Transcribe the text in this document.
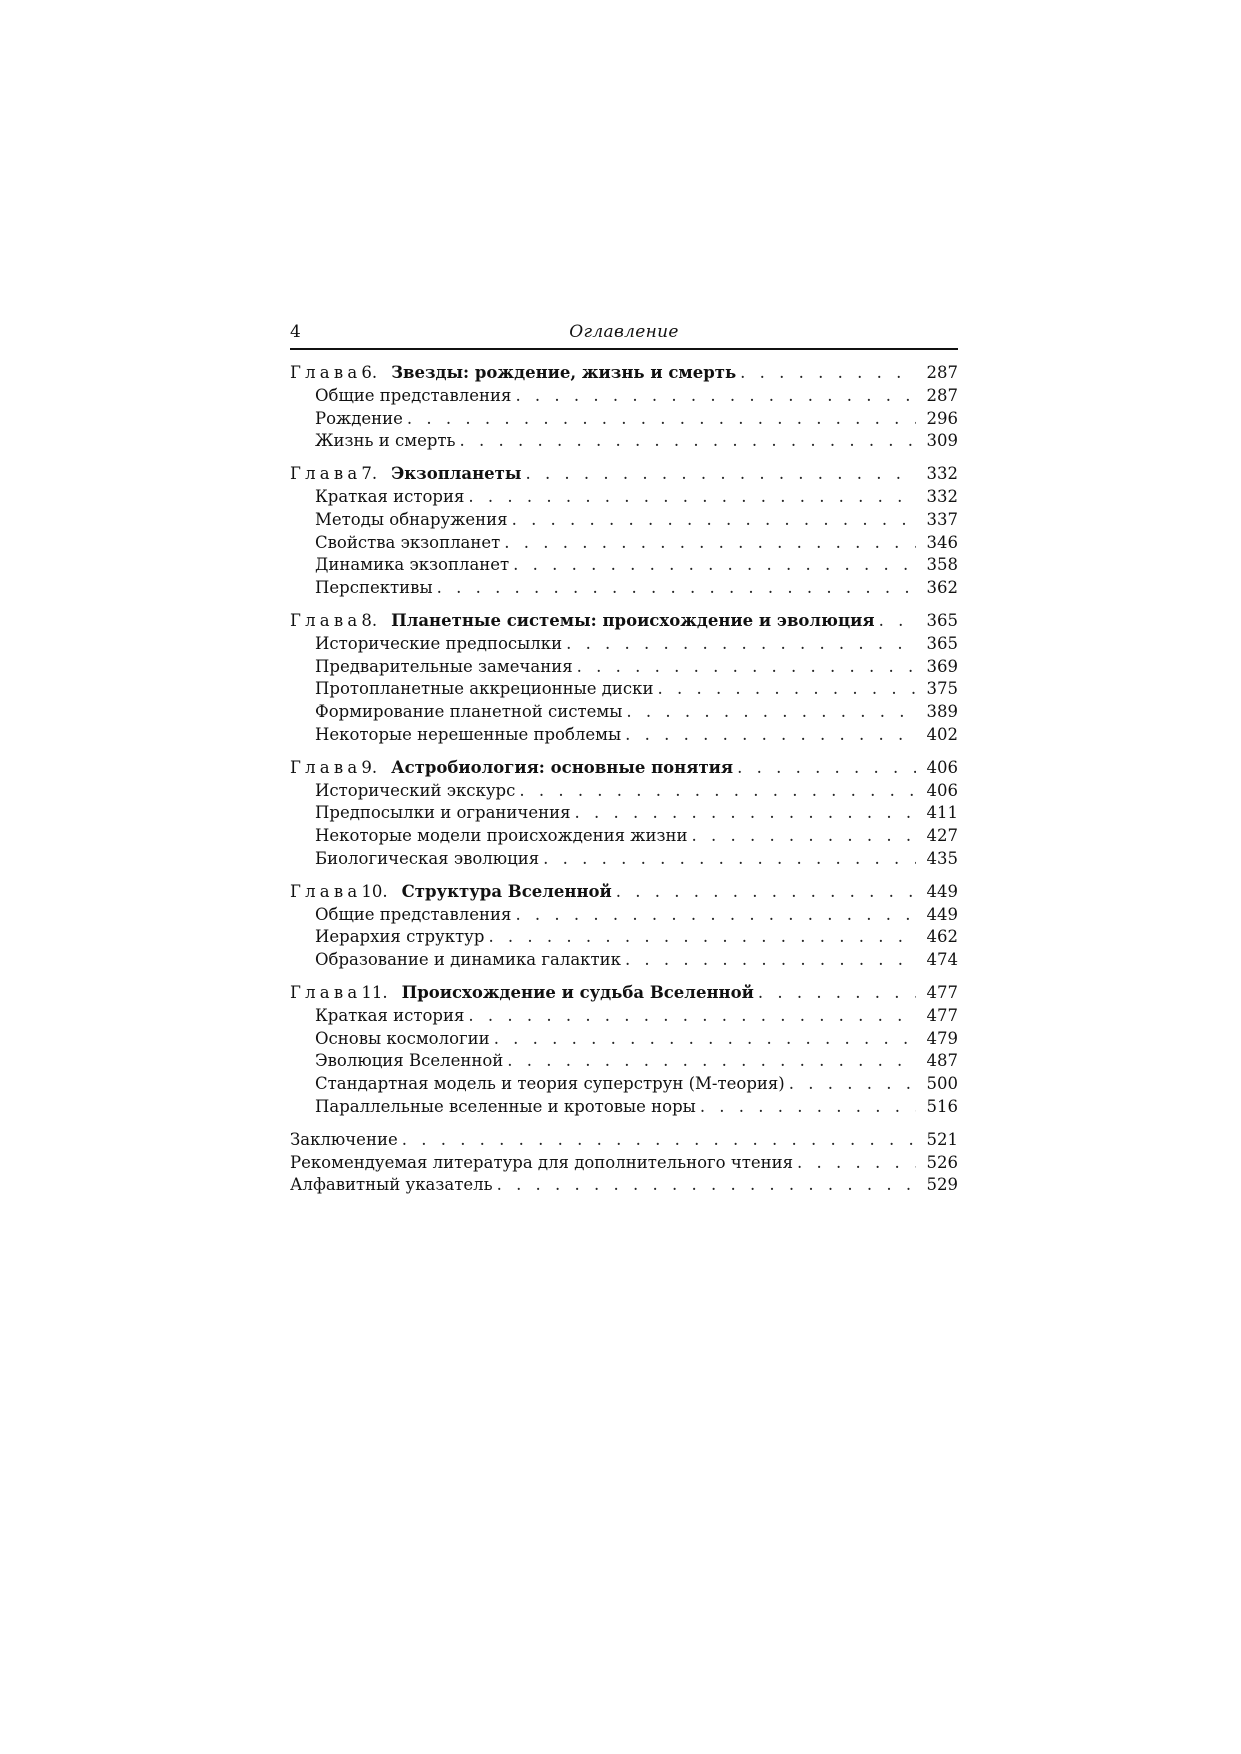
4	Оглавление
Глава 6. Звезды: рождение, жизнь и смерть . . .	287
Общие представления . . .	287
Рождение . . .	296
Жизнь и смерть . . .	309
Глава 7. Экзопланеты . . .	332
Краткая история . . .	332
Методы обнаружения . . .	337
Свойства экзопланет . . .	346
Динамика экзопланет . . .	358
Перспективы . . .	362
Глава 8. Планетные системы: происхождение и эволюция . . .	365
Исторические предпосылки . . .	365
Предварительные замечания . . .	369
Протопланетные аккреционные диски . . .	375
Формирование планетной системы . . .	389
Некоторые нерешенные проблемы . . .	402
Глава 9. Астробиология: основные понятия . . .	406
Исторический экскурс . . .	406
Предпосылки и ограничения . . .	411
Некоторые модели происхождения жизни . . .	427
Биологическая эволюция . . .	435
Глава 10. Структура Вселенной . . .	449
Общие представления . . .	449
Иерархия структур . . .	462
Образование и динамика галактик . . .	474
Глава 11. Происхождение и судьба Вселенной . . .	477
Краткая история . . .	477
Основы космологии . . .	479
Эволюция Вселенной . . .	487
Стандартная модель и теория суперструн (М-теория) . . .	500
Параллельные вселенные и кротовые норы . . .	516
Заключение . . .	521
Рекомендуемая литература для дополнительного чтения . . .	526
Алфавитный указатель . . .	529
